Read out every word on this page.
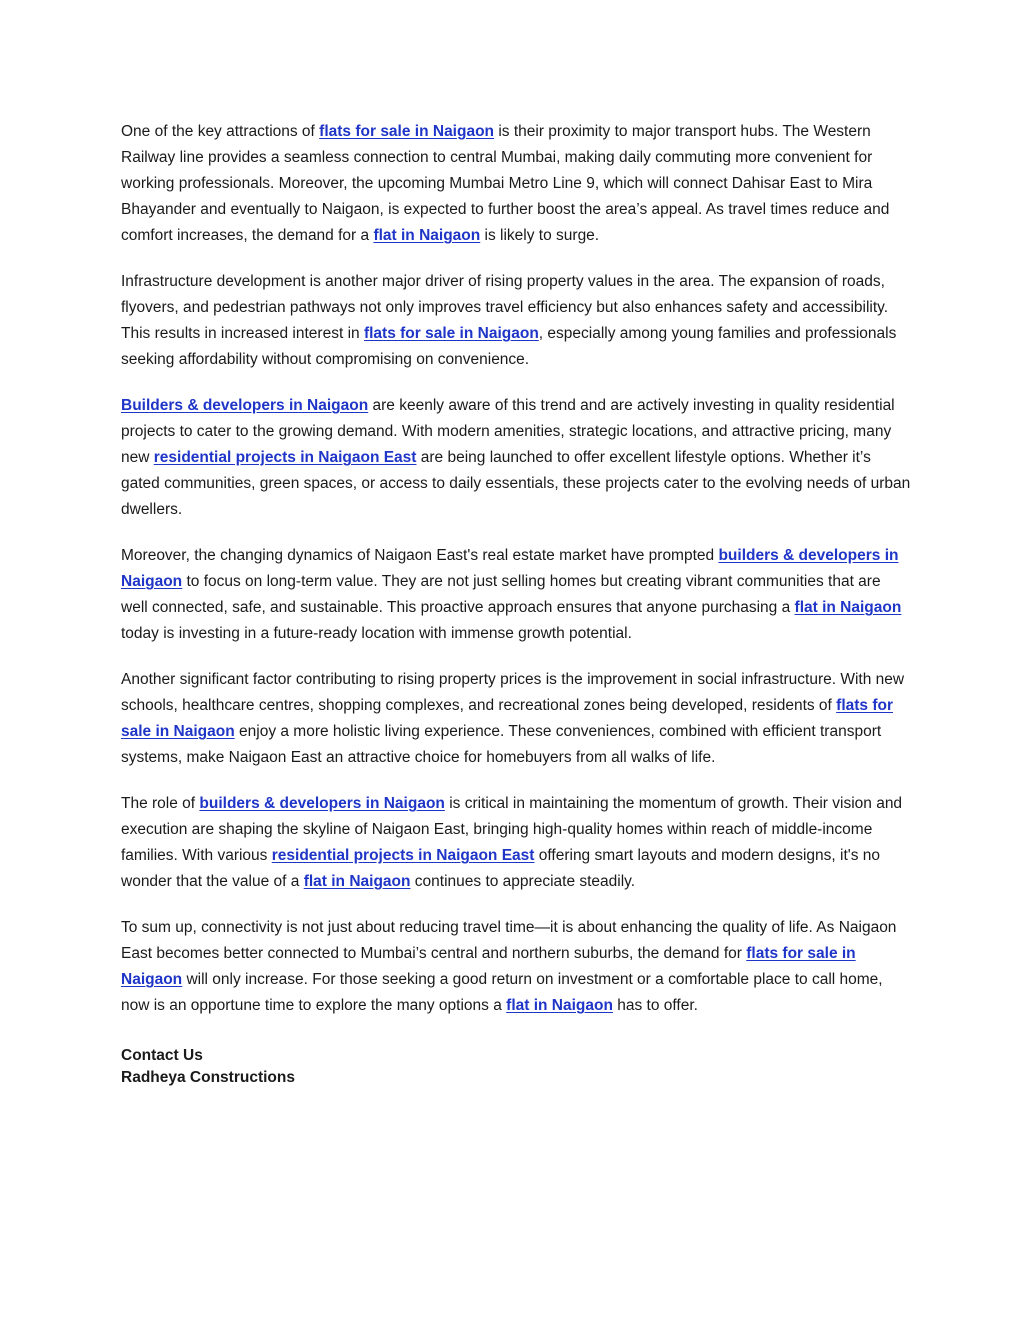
One of the key attractions of flats for sale in Naigaon is their proximity to major transport hubs. The Western Railway line provides a seamless connection to central Mumbai, making daily commuting more convenient for working professionals. Moreover, the upcoming Mumbai Metro Line 9, which will connect Dahisar East to Mira Bhayander and eventually to Naigaon, is expected to further boost the area’s appeal. As travel times reduce and comfort increases, the demand for a flat in Naigaon is likely to surge.

Infrastructure development is another major driver of rising property values in the area. The expansion of roads, flyovers, and pedestrian pathways not only improves travel efficiency but also enhances safety and accessibility. This results in increased interest in flats for sale in Naigaon, especially among young families and professionals seeking affordability without compromising on convenience.

Builders & developers in Naigaon are keenly aware of this trend and are actively investing in quality residential projects to cater to the growing demand. With modern amenities, strategic locations, and attractive pricing, many new residential projects in Naigaon East are being launched to offer excellent lifestyle options. Whether it’s gated communities, green spaces, or access to daily essentials, these projects cater to the evolving needs of urban dwellers.

Moreover, the changing dynamics of Naigaon East's real estate market have prompted builders & developers in Naigaon to focus on long-term value. They are not just selling homes but creating vibrant communities that are well connected, safe, and sustainable. This proactive approach ensures that anyone purchasing a flat in Naigaon today is investing in a future-ready location with immense growth potential.

Another significant factor contributing to rising property prices is the improvement in social infrastructure. With new schools, healthcare centres, shopping complexes, and recreational zones being developed, residents of flats for sale in Naigaon enjoy a more holistic living experience. These conveniences, combined with efficient transport systems, make Naigaon East an attractive choice for homebuyers from all walks of life.

The role of builders & developers in Naigaon is critical in maintaining the momentum of growth. Their vision and execution are shaping the skyline of Naigaon East, bringing high-quality homes within reach of middle-income families. With various residential projects in Naigaon East offering smart layouts and modern designs, it's no wonder that the value of a flat in Naigaon continues to appreciate steadily.

To sum up, connectivity is not just about reducing travel time—it is about enhancing the quality of life. As Naigaon East becomes better connected to Mumbai’s central and northern suburbs, the demand for flats for sale in Naigaon will only increase. For those seeking a good return on investment or a comfortable place to call home, now is an opportune time to explore the many options a flat in Naigaon has to offer.

Contact Us
Radheya Constructions
